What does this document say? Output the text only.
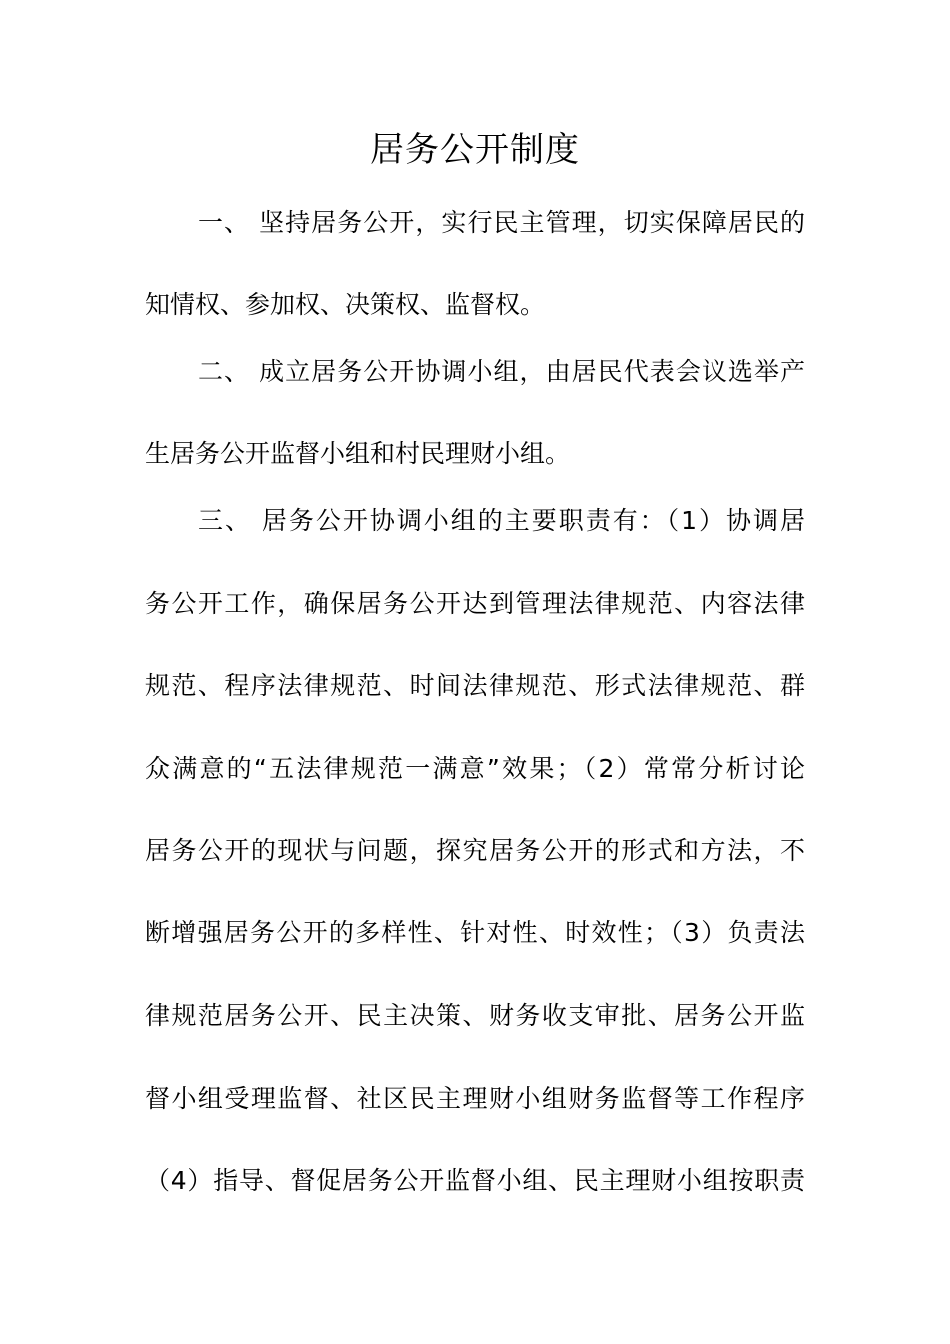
居务公开制度
一、 坚持居务公开，实行民主管理，切实保障居民的
知情权、参加权、决策权、监督权。
二、 成立居务公开协调小组，由居民代表会议选举产
生居务公开监督小组和村民理财小组。
三、 居务公开协调小组的主要职责有：（1）协调居
务公开工作，确保居务公开达到管理法律规范、内容法律
规范、程序法律规范、时间法律规范、形式法律规范、群
众满意的“五法律规范一满意”效果；（2）常常分析讨论
居务公开的现状与问题，探究居务公开的形式和方法，不
断增强居务公开的多样性、针对性、时效性；（3）负责法
律规范居务公开、民主决策、财务收支审批、居务公开监
督小组受理监督、社区民主理财小组财务监督等工作程序
（4）指导、督促居务公开监督小组、民主理财小组按职责
